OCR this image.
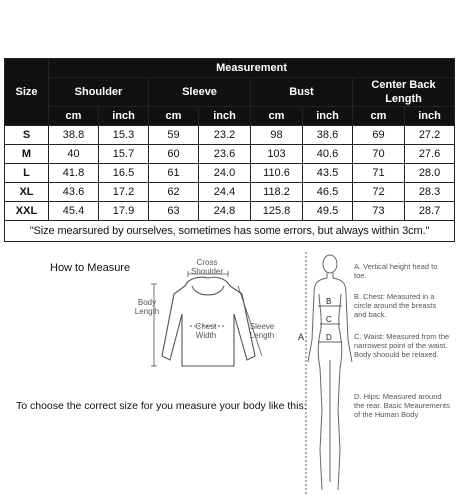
Size	Measurement							
	Shoulder		Sleeve		Bust		Center Back Length	
	cm	inch	cm	inch	cm	inch	cm	inch
S	38.8	15.3	59	23.2	98	38.6	69	27.2
M	40	15.7	60	23.6	103	40.6	70	27.6
L	41.8	16.5	61	24.0	110.6	43.5	71	28.0
XL	43.6	17.2	62	24.4	118.2	46.5	72	28.3
XXL	45.4	17.9	63	24.8	125.8	49.5	73	28.7
"Size mearsured by ourselves, sometimes has some errors, but always within 3cm."								
How to Measure	Cross Shoulder
Body Length
Chest Width
Sleeve Length
To choose the correct size for you measure your body like this:
A
B
C
D
A. Vertical height head to toe.
B. Chest: Measured in a circle around the breasts and back.
C. Waist: Measured from the narrowest point of the waist. Body shoould be relaxed.
D. Hips: Measured around the rear. Basic Meaurements of the Human Body
